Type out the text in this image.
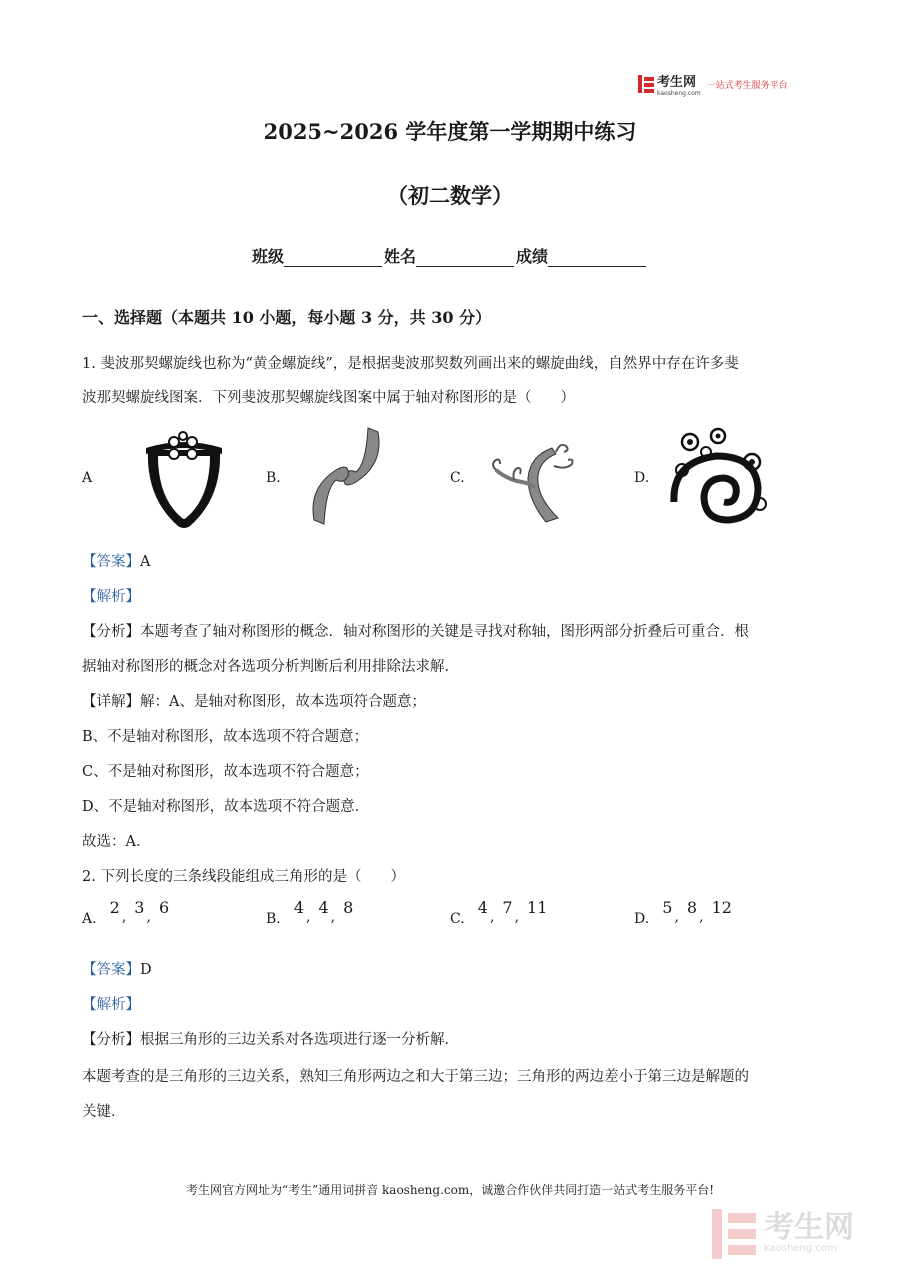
考生网
kaosheng.com
一站式考生服务平台
2025~2026 学年度第一学期期中练习
（初二数学）
班级	姓名	成绩
一、选择题（本题共 10 小题，每小题 3 分，共 30 分）
1. 斐波那契螺旋线也称为“黄金螺旋线”，是根据斐波那契数列画出来的螺旋曲线，自然界中存在许多斐
波那契螺旋线图案．下列斐波那契螺旋线图案中属于轴对称图形的是（　　）
A	B.	C.	D.
【答案】A
【解析】
【分析】本题考查了轴对称图形的概念．轴对称图形的关键是寻找对称轴，图形两部分折叠后可重合．根
据轴对称图形的概念对各选项分析判断后利用排除法求解．
【详解】解：A、是轴对称图形，故本选项符合题意；
B、不是轴对称图形，故本选项不符合题意；
C、不是轴对称图形，故本选项不符合题意；
D、不是轴对称图形，故本选项不符合题意．
故选：A．
2. 下列长度的三条线段能组成三角形的是（　　）
A. 2 , 3 , 6
B. 4 , 4 , 8
C. 4 , 7 , 11
D. 5 , 8 , 12
【答案】D
【解析】
【分析】根据三角形的三边关系对各选项进行逐一分析解．
本题考查的是三角形的三边关系，熟知三角形两边之和大于第三边；三角形的两边差小于第三边是解题的
关键．
考生网官方网址为“考生”通用词拼音 kaosheng.com，诚邀合作伙伴共同打造一站式考生服务平台!
考生网
kaosheng.com
